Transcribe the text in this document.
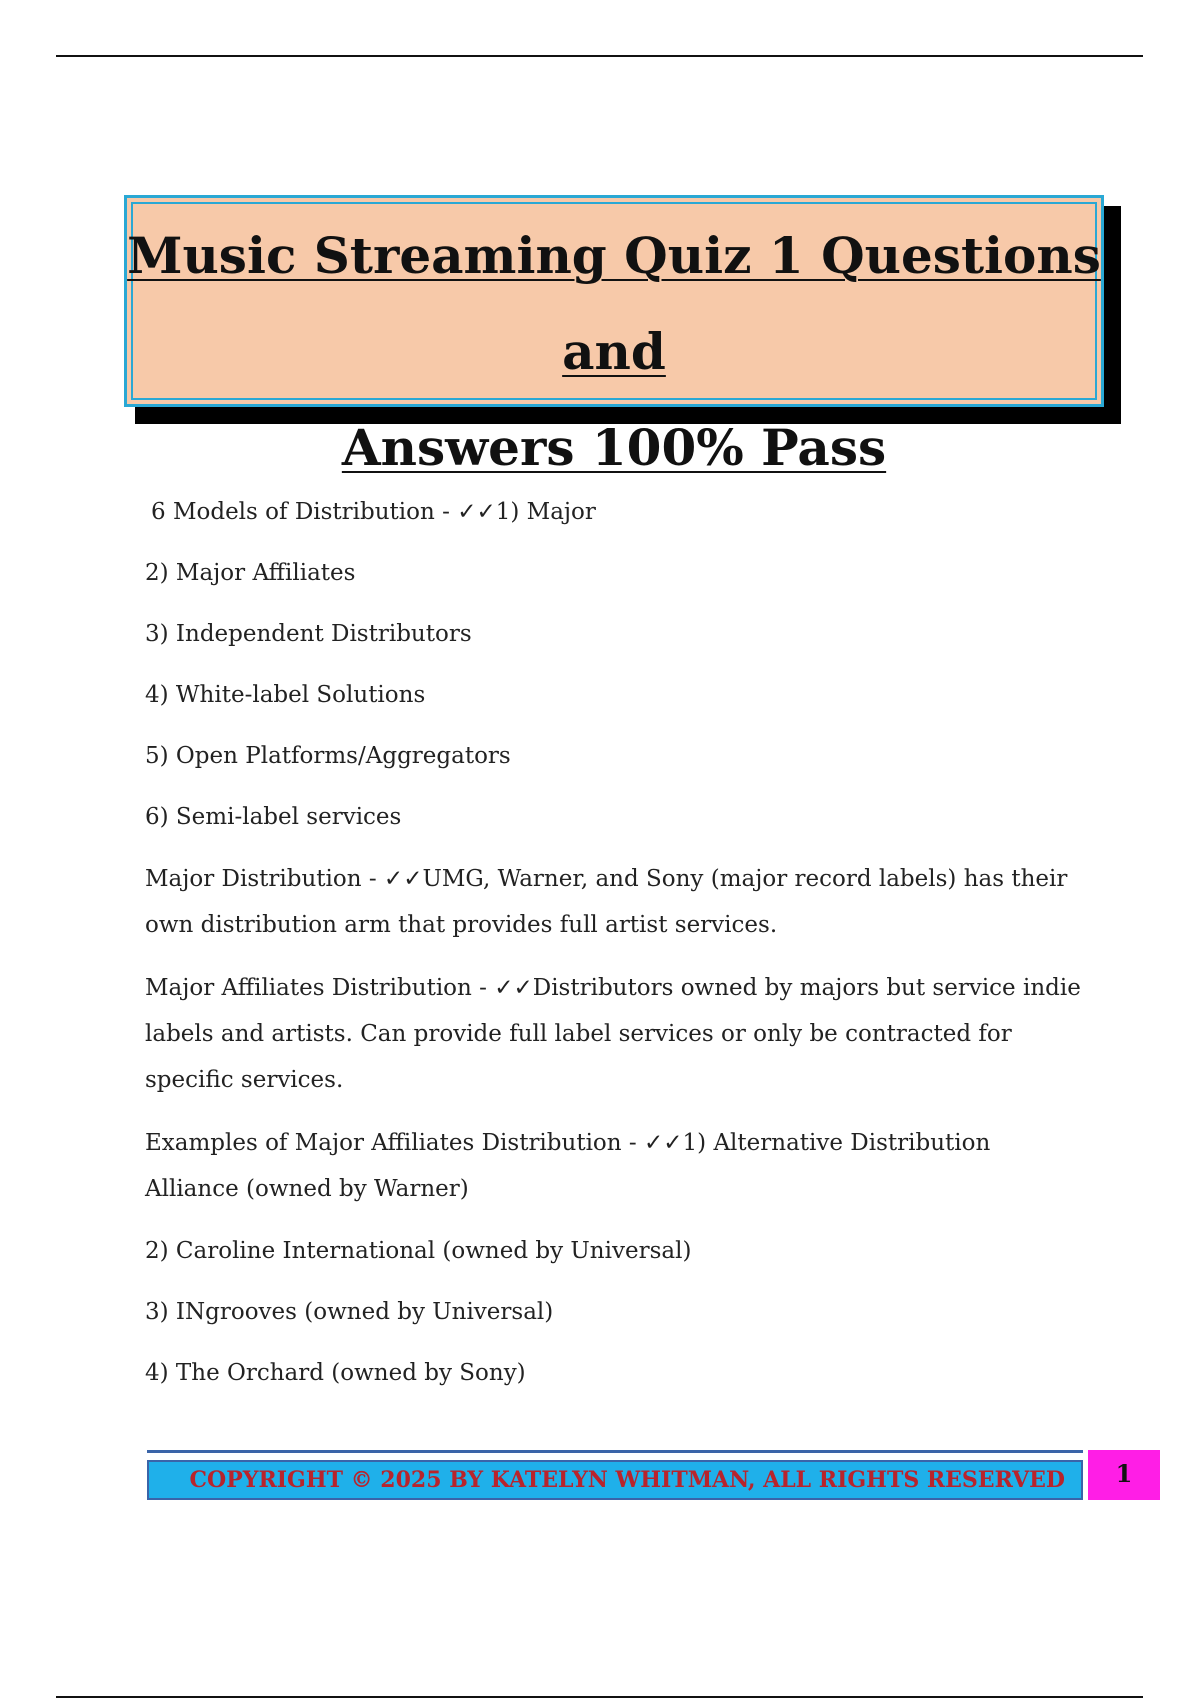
Music Streaming Quiz 1 Questions and
Answers 100% Pass

6 Models of Distribution - ✓✓1) Major

2) Major Affiliates

3) Independent Distributors

4) White-label Solutions

5) Open Platforms/Aggregators

6) Semi-label services

Major Distribution - ✓✓UMG, Warner, and Sony (major record labels) has their own distribution arm that provides full artist services.

Major Affiliates Distribution - ✓✓Distributors owned by majors but service indie labels and artists. Can provide full label services or only be contracted for specific services.

Examples of Major Affiliates Distribution - ✓✓1) Alternative Distribution Alliance (owned by Warner)

2) Caroline International (owned by Universal)

3) INgrooves (owned by Universal)

4) The Orchard (owned by Sony)

COPYRIGHT © 2025 BY KATELYN WHITMAN, ALL RIGHTS RESERVED	1
